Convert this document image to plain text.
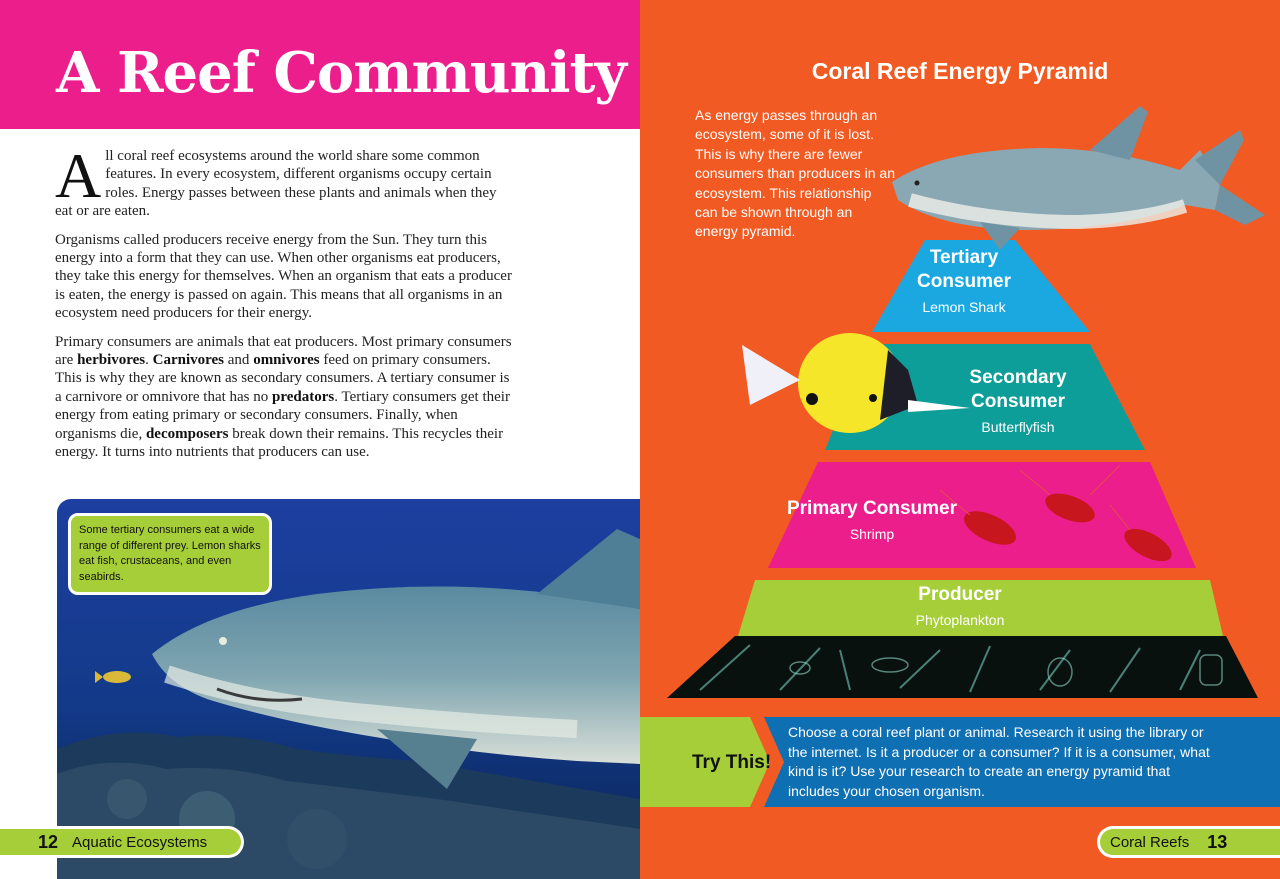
A Reef Community

All coral reef ecosystems around the world share some common features. In every ecosystem, different organisms occupy certain roles. Energy passes between these plants and animals when they eat or are eaten.

Organisms called producers receive energy from the Sun. They turn this energy into a form that they can use. When other organisms eat producers, they take this energy for themselves. When an organism that eats a producer is eaten, the energy is passed on again. This means that all organisms in an ecosystem need producers for their energy.

Primary consumers are animals that eat producers. Most primary consumers are herbivores. Carnivores and omnivores feed on primary consumers. This is why they are known as secondary consumers. A tertiary consumer is a carnivore or omnivore that has no predators. Tertiary consumers get their energy from eating primary or secondary consumers. Finally, when organisms die, decomposers break down their remains. This recycles their energy. It turns into nutrients that producers can use.

Some tertiary consumers eat a wide range of different prey. Lemon sharks eat fish, crustaceans, and even seabirds.
12 Aquatic Ecosystems
Coral Reef Energy Pyramid
As energy passes through an ecosystem, some of it is lost. This is why there are fewer consumers than producers in an ecosystem. This relationship can be shown through an energy pyramid.
Tertiary Consumer
Lemon Shark
Secondary Consumer
Butterflyfish
Primary Consumer
Shrimp
Producer
Phytoplankton
Try This!
Choose a coral reef plant or animal. Research it using the library or the internet. Is it a producer or a consumer? If it is a consumer, what kind is it? Use your research to create an energy pyramid that includes your chosen organism.
Coral Reefs 13
